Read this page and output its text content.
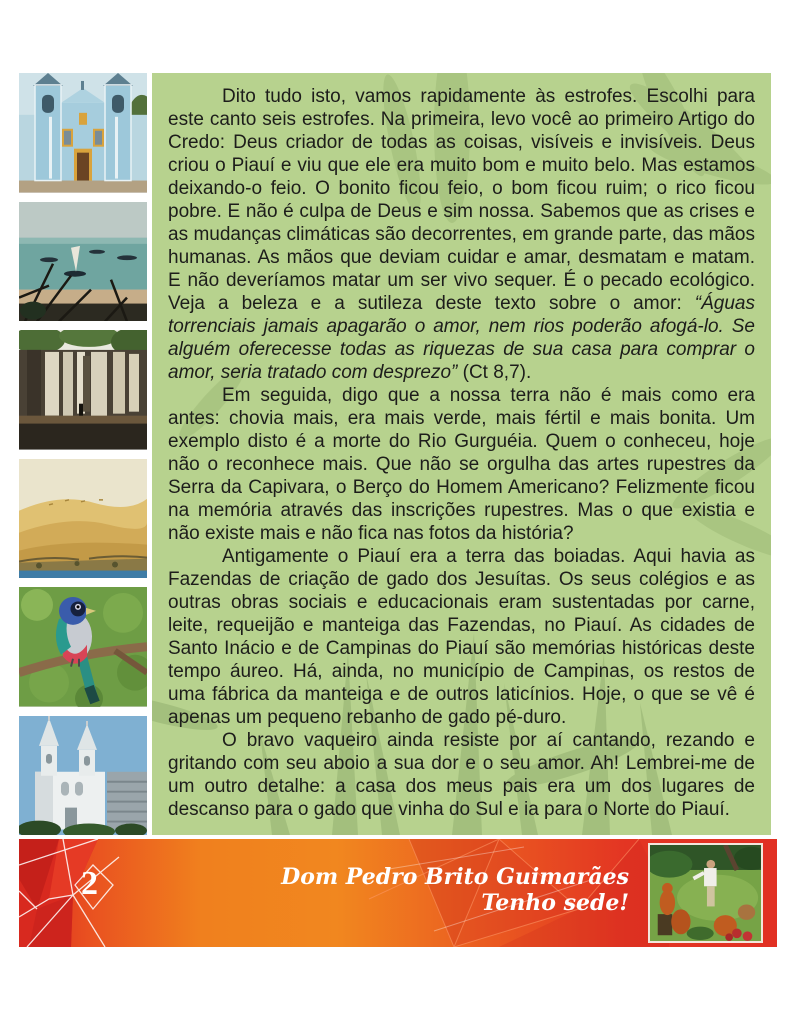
Dito tudo isto, vamos rapidamente às estrofes. Escolhi para este canto seis estrofes. Na primeira, levo você ao primeiro Artigo do Credo: Deus criador de todas as coisas, visíveis e invisíveis. Deus criou o Piauí e viu que ele era muito bom e muito belo. Mas estamos deixando-o feio. O bonito ficou feio, o bom ficou ruim; o rico ficou pobre. E não é culpa de Deus e sim nossa. Sabemos que as crises e as mudanças climáticas são decorrentes, em grande parte, das mãos humanas. As mãos que deviam cuidar e amar, desmatam e matam. E não deveríamos matar um ser vivo sequer. É o pecado ecológico. Veja a beleza e a sutileza deste texto sobre o amor: “Águas torrenciais jamais apagarão o amor, nem rios poderão afogá-lo. Se alguém oferecesse todas as riquezas de sua casa para comprar o amor, seria tratado com desprezo” (Ct 8,7).

Em seguida, digo que a nossa terra não é mais como era antes: chovia mais, era mais verde, mais fértil e mais bonita. Um exemplo disto é a morte do Rio Gurguéia. Quem o conheceu, hoje não o reconhece mais. Que não se orgulha das artes rupestres da Serra da Capivara, o Berço do Homem Americano? Felizmente ficou na memória através das inscrições rupestres. Mas o que existia e não existe mais e não fica nas fotos da história?

Antigamente o Piauí era a terra das boiadas. Aqui havia as Fazendas de criação de gado dos Jesuítas. Os seus colégios e as outras obras sociais e educacionais eram sustentadas por carne, leite, requeijão e manteiga das Fazendas, no Piauí. As cidades de Santo Inácio e de Campinas do Piauí são memórias históricas deste tempo áureo. Há, ainda, no município de Campinas, os restos de uma fábrica da manteiga e de outros laticínios. Hoje, o que se vê é apenas um pequeno rebanho de gado pé-duro.

O bravo vaqueiro ainda resiste por aí cantando, rezando e gritando com seu aboio a sua dor e o seu amor. Ah! Lembrei-me de um outro detalhe: a casa dos meus pais era um dos lugares de descanso para o gado que vinha do Sul e ia para o Norte do Piauí.

2	Dom Pedro Brito Guimarães
Tenho sede!
